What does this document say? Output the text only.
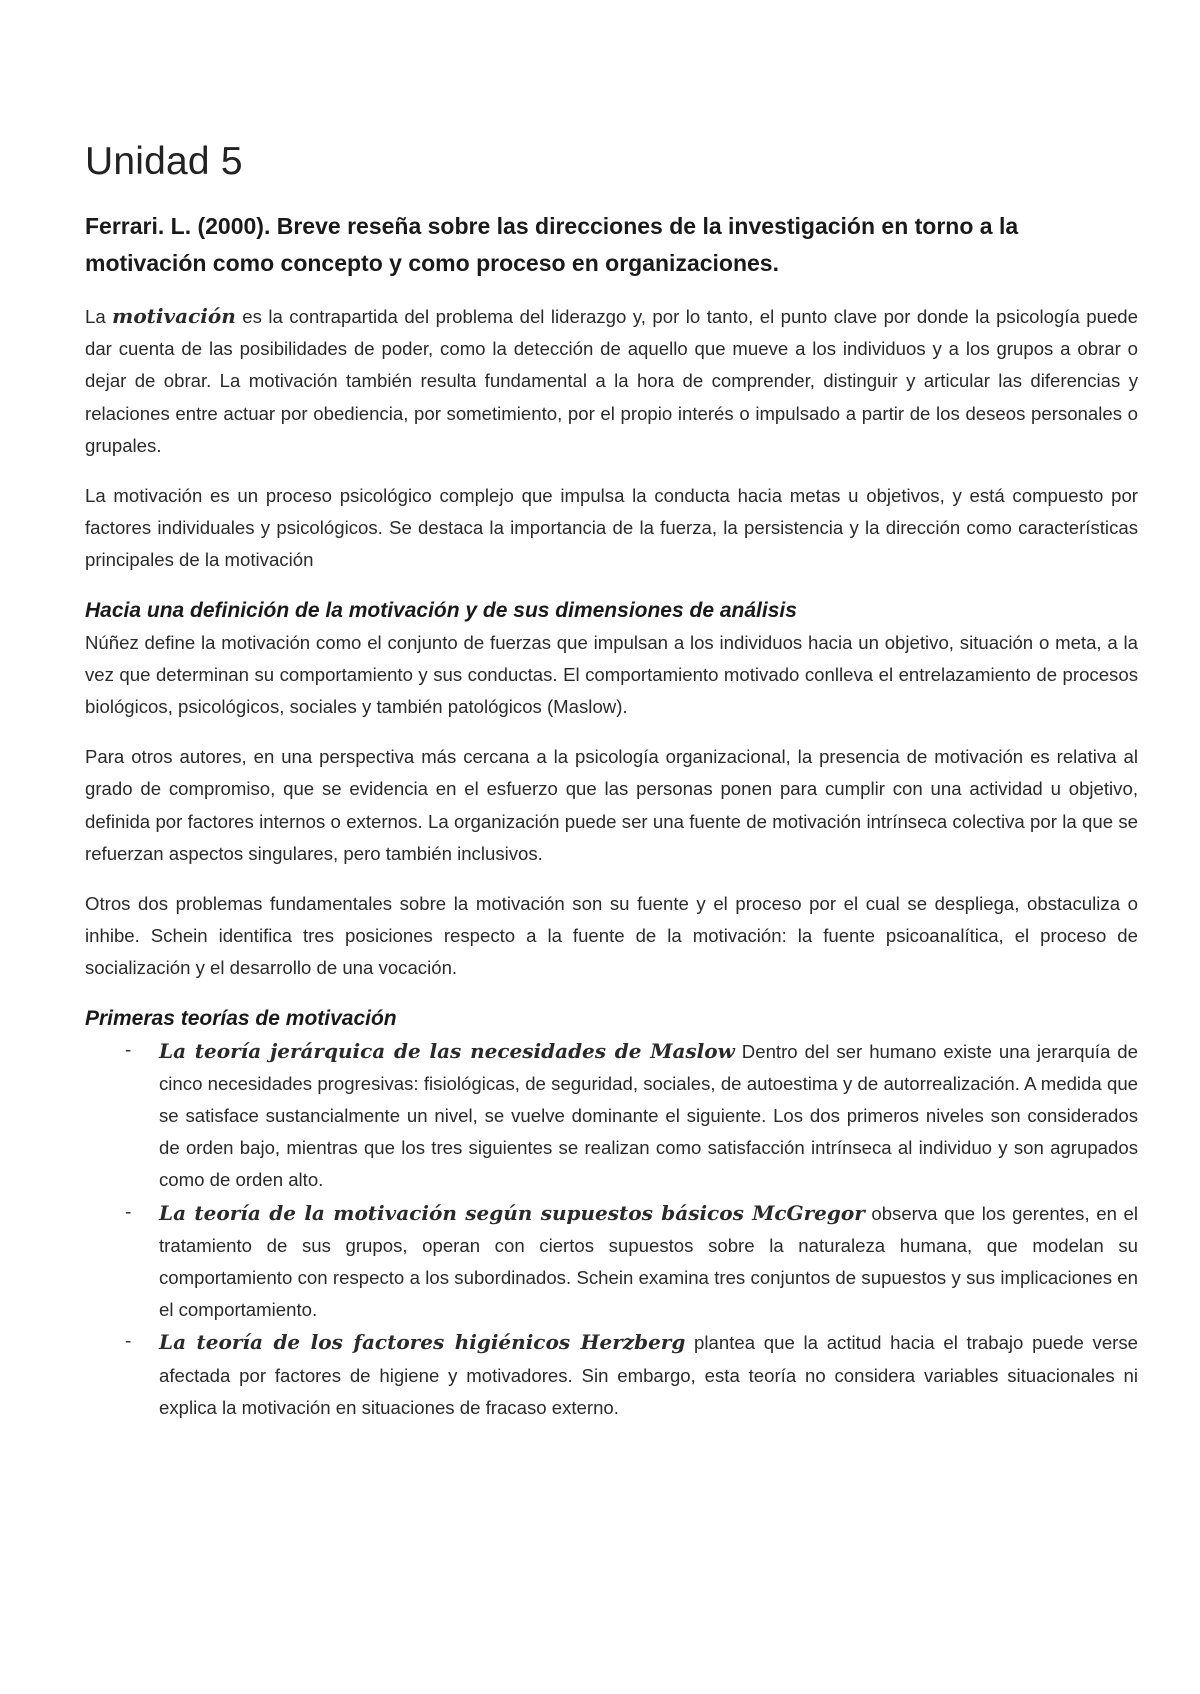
Unidad 5
Ferrari. L. (2000). Breve reseña sobre las direcciones de la investigación en torno a la motivación como concepto y como proceso en organizaciones.

La motivación es la contrapartida del problema del liderazgo y, por lo tanto, el punto clave por donde la psicología puede dar cuenta de las posibilidades de poder, como la detección de aquello que mueve a los individuos y a los grupos a obrar o dejar de obrar. La motivación también resulta fundamental a la hora de comprender, distinguir y articular las diferencias y relaciones entre actuar por obediencia, por sometimiento, por el propio interés o impulsado a partir de los deseos personales o grupales.

La motivación es un proceso psicológico complejo que impulsa la conducta hacia metas u objetivos, y está compuesto por factores individuales y psicológicos. Se destaca la importancia de la fuerza, la persistencia y la dirección como características principales de la motivación

Hacia una definición de la motivación y de sus dimensiones de análisis

Núñez define la motivación como el conjunto de fuerzas que impulsan a los individuos hacia un objetivo, situación o meta, a la vez que determinan su comportamiento y sus conductas. El comportamiento motivado conlleva el entrelazamiento de procesos biológicos, psicológicos, sociales y también patológicos (Maslow).

Para otros autores, en una perspectiva más cercana a la psicología organizacional, la presencia de motivación es relativa al grado de compromiso, que se evidencia en el esfuerzo que las personas ponen para cumplir con una actividad u objetivo, definida por factores internos o externos. La organización puede ser una fuente de motivación intrínseca colectiva por la que se refuerzan aspectos singulares, pero también inclusivos.

Otros dos problemas fundamentales sobre la motivación son su fuente y el proceso por el cual se despliega, obstaculiza o inhibe. Schein identifica tres posiciones respecto a la fuente de la motivación: la fuente psicoanalítica, el proceso de socialización y el desarrollo de una vocación.

Primeras teorías de motivación
- La teoría jerárquica de las necesidades de Maslow Dentro del ser humano existe una jerarquía de cinco necesidades progresivas: fisiológicas, de seguridad, sociales, de autoestima y de autorrealización. A medida que se satisface sustancialmente un nivel, se vuelve dominante el siguiente. Los dos primeros niveles son considerados de orden bajo, mientras que los tres siguientes se realizan como satisfacción intrínseca al individuo y son agrupados como de orden alto.
- La teoría de la motivación según supuestos básicos McGregor observa que los gerentes, en el tratamiento de sus grupos, operan con ciertos supuestos sobre la naturaleza humana, que modelan su comportamiento con respecto a los subordinados. Schein examina tres conjuntos de supuestos y sus implicaciones en el comportamiento.
- La teoría de los factores higiénicos Herzberg plantea que la actitud hacia el trabajo puede verse afectada por factores de higiene y motivadores. Sin embargo, esta teoría no considera variables situacionales ni explica la motivación en situaciones de fracaso externo.
